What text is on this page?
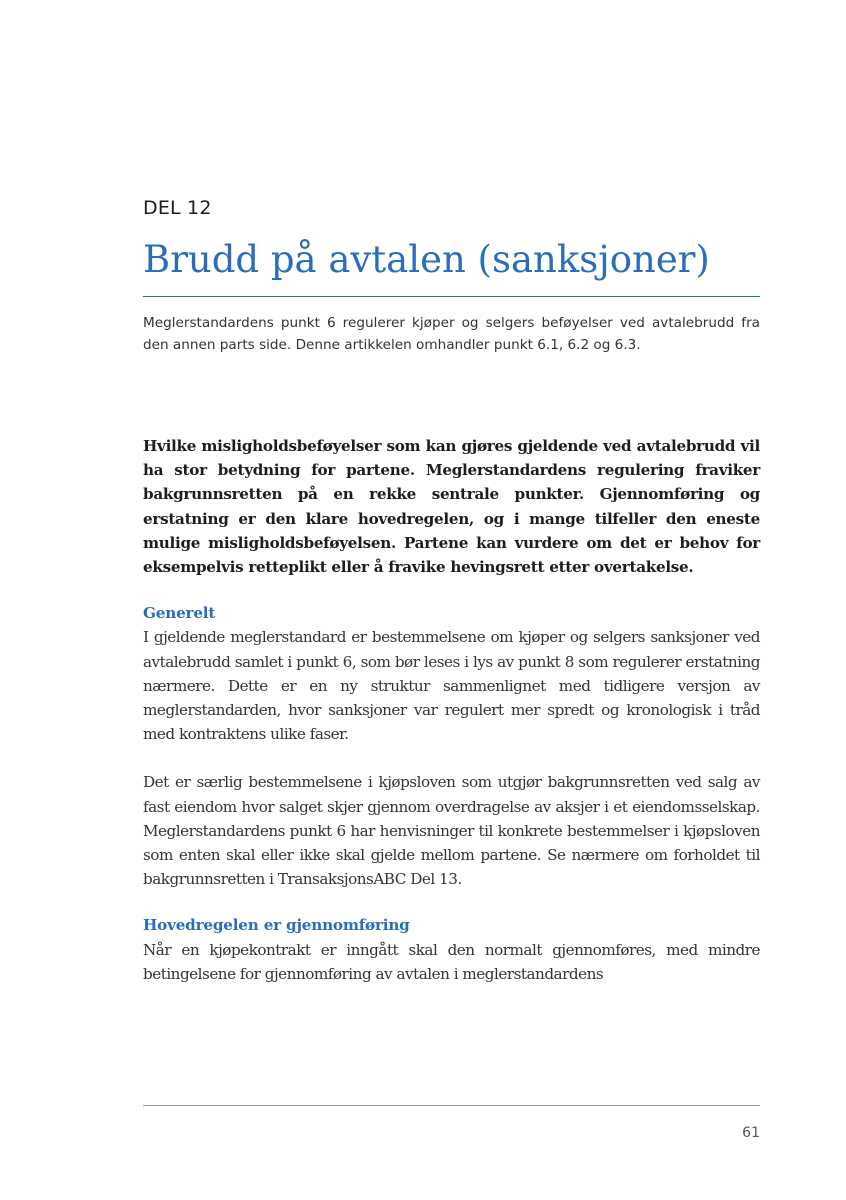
DEL 12

Brudd på avtalen (sanksjoner)

Meglerstandardens punkt 6 regulerer kjøper og selgers beføyelser ved avtalebrudd fra den annen parts side. Denne artikkelen omhandler punkt 6.1, 6.2 og 6.3.

Hvilke misligholdsbeføyelser som kan gjøres gjeldende ved avtalebrudd vil ha stor betydning for partene. Meglerstandardens regulering fraviker bakgrunnsretten på en rekke sentrale punkter. Gjennomføring og erstatning er den klare hovedregelen, og i mange tilfeller den eneste mulige misligholdsbeføyelsen. Partene kan vurdere om det er behov for eksempelvis retteplikt eller å fravike hevingsrett etter overtakelse.

Generelt

I gjeldende meglerstandard er bestemmelsene om kjøper og selgers sanksjoner ved avtalebrudd samlet i punkt 6, som bør leses i lys av punkt 8 som regulerer erstatning nærmere. Dette er en ny struktur sammenlignet med tidligere versjon av meglerstandarden, hvor sanksjoner var regulert mer spredt og kronologisk i tråd med kontraktens ulike faser.

Det er særlig bestemmelsene i kjøpsloven som utgjør bakgrunnsretten ved salg av fast eiendom hvor salget skjer gjennom overdragelse av aksjer i et eiendomsselskap. Meglerstandardens punkt 6 har henvisninger til konkrete bestemmelser i kjøpsloven som enten skal eller ikke skal gjelde mellom partene. Se nærmere om forholdet til bakgrunnsretten i TransaksjonsABC Del 13.

Hovedregelen er gjennomføring

Når en kjøpekontrakt er inngått skal den normalt gjennomføres, med mindre betingelsene for gjennomføring av avtalen i meglerstandardens

61
